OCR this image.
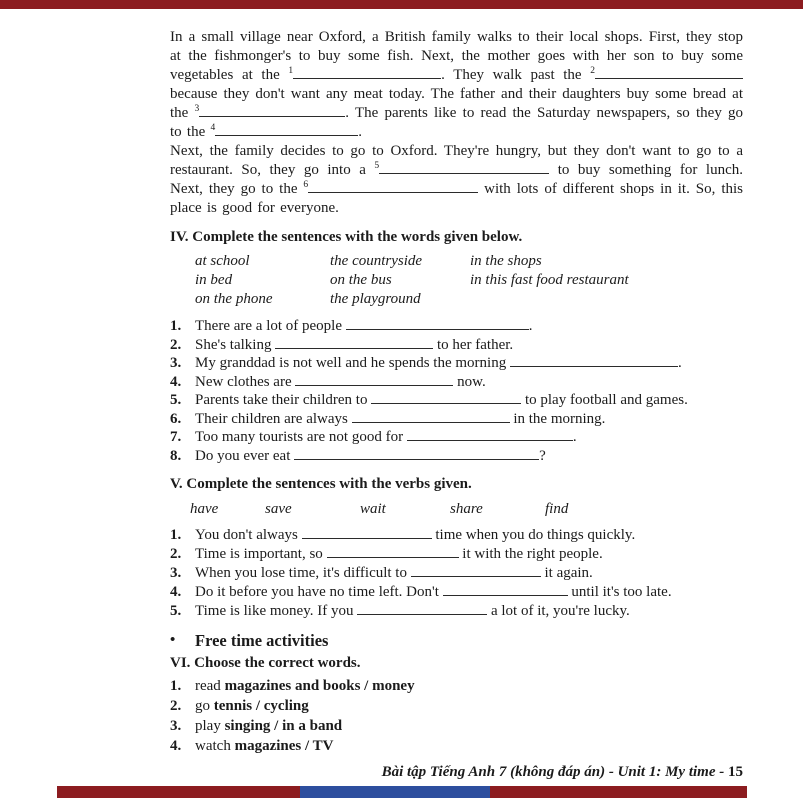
In a small village near Oxford, a British family walks to their local shops. First, they stop at the fishmonger's to buy some fish. Next, the mother goes with her son to buy some vegetables at the $^1$	. They walk past the $^2$ because they don't want any meat today. The father and their daughters buy some bread at the $^3$	. The parents like to read the Saturday newspapers, so they go to the $^4$	.

Next, the family decides to go to Oxford. They're hungry, but they don't want to go to a restaurant. So, they go into a $^5$	to buy something for lunch. Next, they go to the $^6$	with lots of different shops in it. So, this place is good for everyone.

IV. Complete the sentences with the words given below.
at school	the countryside	in the shops
in bed	on the bus	in this fast food restaurant
on the phone	the playground
1. There are a lot of people	.
2. She's talking	to her father.
3. My granddad is not well and he spends the morning	.
4. New clothes are	now.
5. Parents take their children to	to play football and games.
6. Their children are always	in the morning.
7. Too many tourists are not good for	.
8. Do you ever eat	?
V. Complete the sentences with the verbs given.
have	save	wait	share	find
1. You don't always	time when you do things quickly.
2. Time is important, so	it with the right people.
3. When you lose time, it's difficult to	it again.
4. Do it before you have no time left. Don't	until it's too late.
5. Time is like money. If you	a lot of it, you're lucky.
•	Free time activities
VI. Choose the correct words.
1. read magazines and books / money
2. go tennis / cycling
3. play singing / in a band
4. watch magazines / TV
Bài tập Tiếng Anh 7 (không đáp án) - Unit 1: My time - 15
